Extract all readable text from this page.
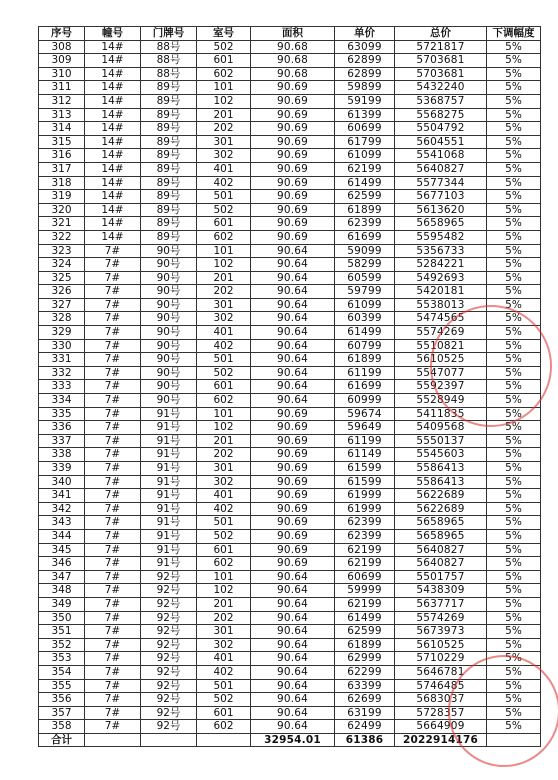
序号	幢号	门牌号	室号	面积	单价	总价	下调幅度
308	14#	88号	502	90.68	63099	5721817	5%
309	14#	88号	601	90.68	62899	5703681	5%
310	14#	88号	602	90.68	62899	5703681	5%
311	14#	89号	101	90.69	59899	5432240	5%
312	14#	89号	102	90.69	59199	5368757	5%
313	14#	89号	201	90.69	61399	5568275	5%
314	14#	89号	202	90.69	60699	5504792	5%
315	14#	89号	301	90.69	61799	5604551	5%
316	14#	89号	302	90.69	61099	5541068	5%
317	14#	89号	401	90.69	62199	5640827	5%
318	14#	89号	402	90.69	61499	5577344	5%
319	14#	89号	501	90.69	62599	5677103	5%
320	14#	89号	502	90.69	61899	5613620	5%
321	14#	89号	601	90.69	62399	5658965	5%
322	14#	89号	602	90.69	61699	5595482	5%
323	7#	90号	101	90.64	59099	5356733	5%
324	7#	90号	102	90.64	58299	5284221	5%
325	7#	90号	201	90.64	60599	5492693	5%
326	7#	90号	202	90.64	59799	5420181	5%
327	7#	90号	301	90.64	61099	5538013	5%
328	7#	90号	302	90.64	60399	5474565	5%
329	7#	90号	401	90.64	61499	5574269	5%
330	7#	90号	402	90.64	60799	5510821	5%
331	7#	90号	501	90.64	61899	5610525	5%
332	7#	90号	502	90.64	61199	5547077	5%
333	7#	90号	601	90.64	61699	5592397	5%
334	7#	90号	602	90.64	60999	5528949	5%
335	7#	91号	101	90.69	59674	5411835	5%
336	7#	91号	102	90.69	59649	5409568	5%
337	7#	91号	201	90.69	61199	5550137	5%
338	7#	91号	202	90.69	61149	5545603	5%
339	7#	91号	301	90.69	61599	5586413	5%
340	7#	91号	302	90.69	61599	5586413	5%
341	7#	91号	401	90.69	61999	5622689	5%
342	7#	91号	402	90.69	61999	5622689	5%
343	7#	91号	501	90.69	62399	5658965	5%
344	7#	91号	502	90.69	62399	5658965	5%
345	7#	91号	601	90.69	62199	5640827	5%
346	7#	91号	602	90.69	62199	5640827	5%
347	7#	92号	101	90.64	60699	5501757	5%
348	7#	92号	102	90.64	59999	5438309	5%
349	7#	92号	201	90.64	62199	5637717	5%
350	7#	92号	202	90.64	61499	5574269	5%
351	7#	92号	301	90.64	62599	5673973	5%
352	7#	92号	302	90.64	61899	5610525	5%
353	7#	92号	401	90.64	62999	5710229	5%
354	7#	92号	402	90.64	62299	5646781	5%
355	7#	92号	501	90.64	63399	5746485	5%
356	7#	92号	502	90.64	62699	5683037	5%
357	7#	92号	601	90.64	63199	5728357	5%
358	7#	92号	602	90.64	62499	5664909	5%
合计				32954.01	61386	2022914176	
